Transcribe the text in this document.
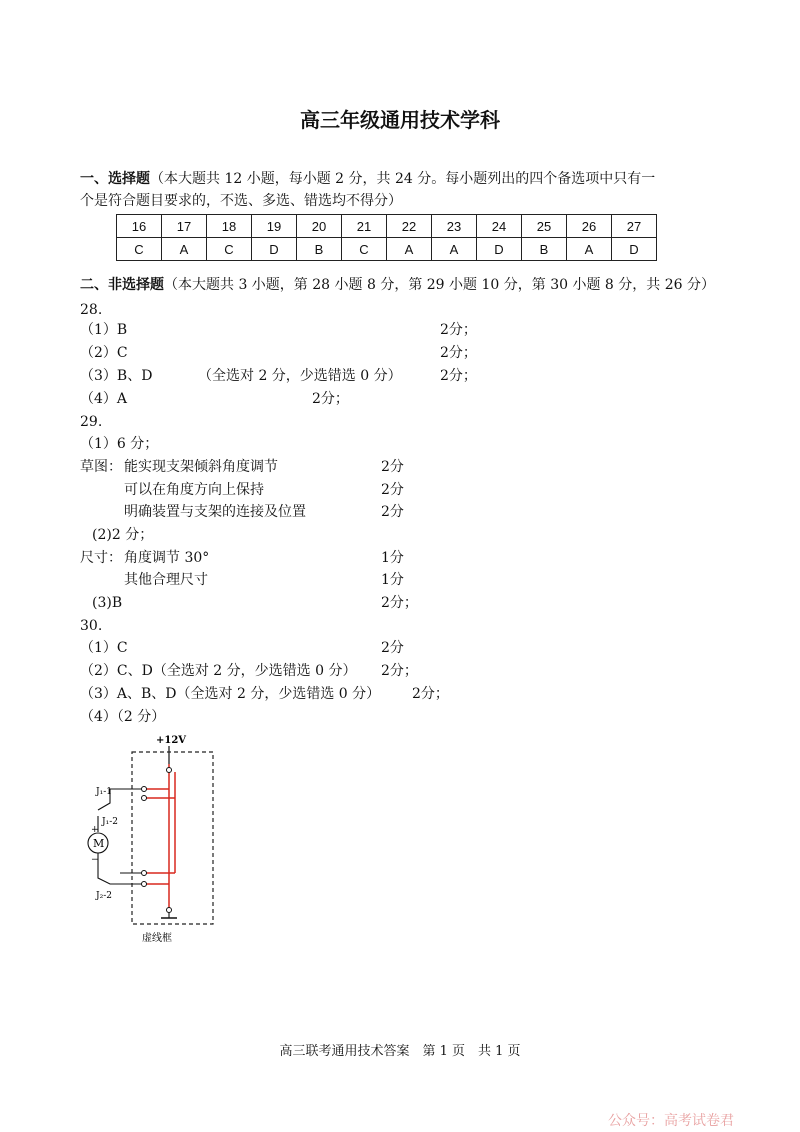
高三年级通用技术学科
一、选择题（本大题共 12 小题，每小题 2 分，共 24 分。每小题列出的四个备选项中只有一
个是符合题目要求的，不选、多选、错选均不得分）
16	17	18	19	20	21	22	23	24	25	26	27
C	A	C	D	B	C	A	A	D	B	A	D
二、非选择题（本大题共 3 小题，第 28 小题 8 分，第 29 小题 10 分，第 30 小题 8 分，共 26 分）
28.
（1）B	2分；
（2）C	2分；
（3）B、D	（全选对 2 分，少选错选 0 分）	2分；
（4）A	2分；
29.
（1）6 分；
草图： 能实现支架倾斜角度调节	2分
可以在角度方向上保持	2分
明确装置与支架的连接及位置	2分
(2)2 分；
尺寸： 角度调节 30°	1分
其他合理尺寸	1分
(3)B	2分；
30.
（1）C	2分
（2）C、D（全选对 2 分，少选错选 0 分） 2分；
（3）A、B、D（全选对 2 分，少选错选 0 分） 2分；
（4）（2 分）
+12V
M
J₁-1
J₁-2
+
−
J₂-2
虚线框
高三联考通用技术答案　第 1 页　共 1 页
公众号：高考试卷君
